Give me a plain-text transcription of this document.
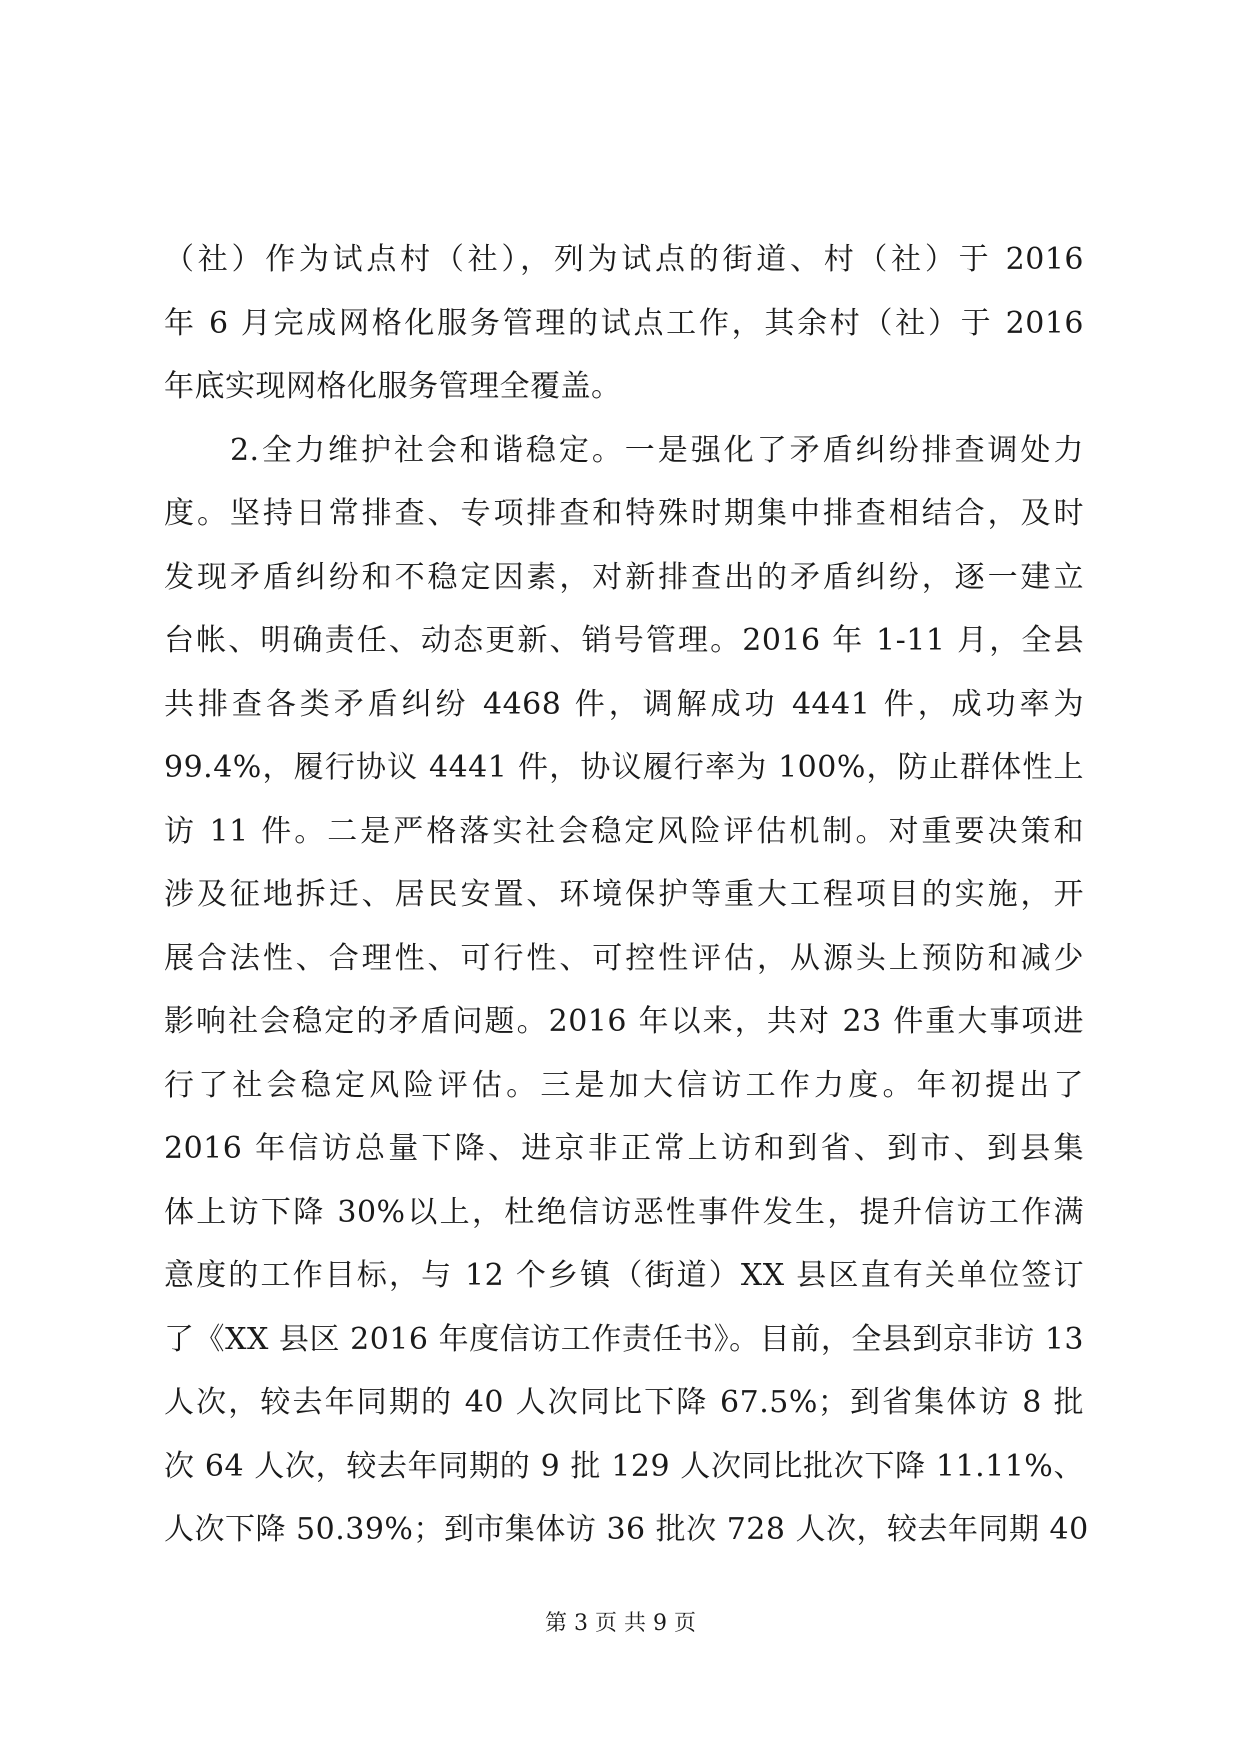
（社）作为试点村（社），列为试点的街道、村（社）于 2016
年 6 月完成网格化服务管理的试点工作，其余村（社）于 2016
年底实现网格化服务管理全覆盖。
　　2.全力维护社会和谐稳定。一是强化了矛盾纠纷排查调处力
度。坚持日常排查、专项排查和特殊时期集中排查相结合，及时
发现矛盾纠纷和不稳定因素，对新排查出的矛盾纠纷，逐一建立
台帐、明确责任、动态更新、销号管理。2016 年 1-11 月，全县
共排查各类矛盾纠纷 4468 件，调解成功 4441 件，成功率为
99.4%，履行协议 4441 件，协议履行率为 100%，防止群体性上
访 11 件。二是严格落实社会稳定风险评估机制。对重要决策和
涉及征地拆迁、居民安置、环境保护等重大工程项目的实施，开
展合法性、合理性、可行性、可控性评估，从源头上预防和减少
影响社会稳定的矛盾问题。2016 年以来，共对 23 件重大事项进
行了社会稳定风险评估。三是加大信访工作力度。年初提出了
2016 年信访总量下降、进京非正常上访和到省、到市、到县集
体上访下降 30%以上，杜绝信访恶性事件发生，提升信访工作满
意度的工作目标，与 12 个乡镇（街道）XX 县区直有关单位签订
了《XX 县区 2016 年度信访工作责任书》。目前，全县到京非访 13
人次，较去年同期的 40 人次同比下降 67.5%；到省集体访 8 批
次 64 人次，较去年同期的 9 批 129 人次同比批次下降 11.11%、
人次下降 50.39%；到市集体访 36 批次 728 人次，较去年同期 40
第 3 页 共 9 页
